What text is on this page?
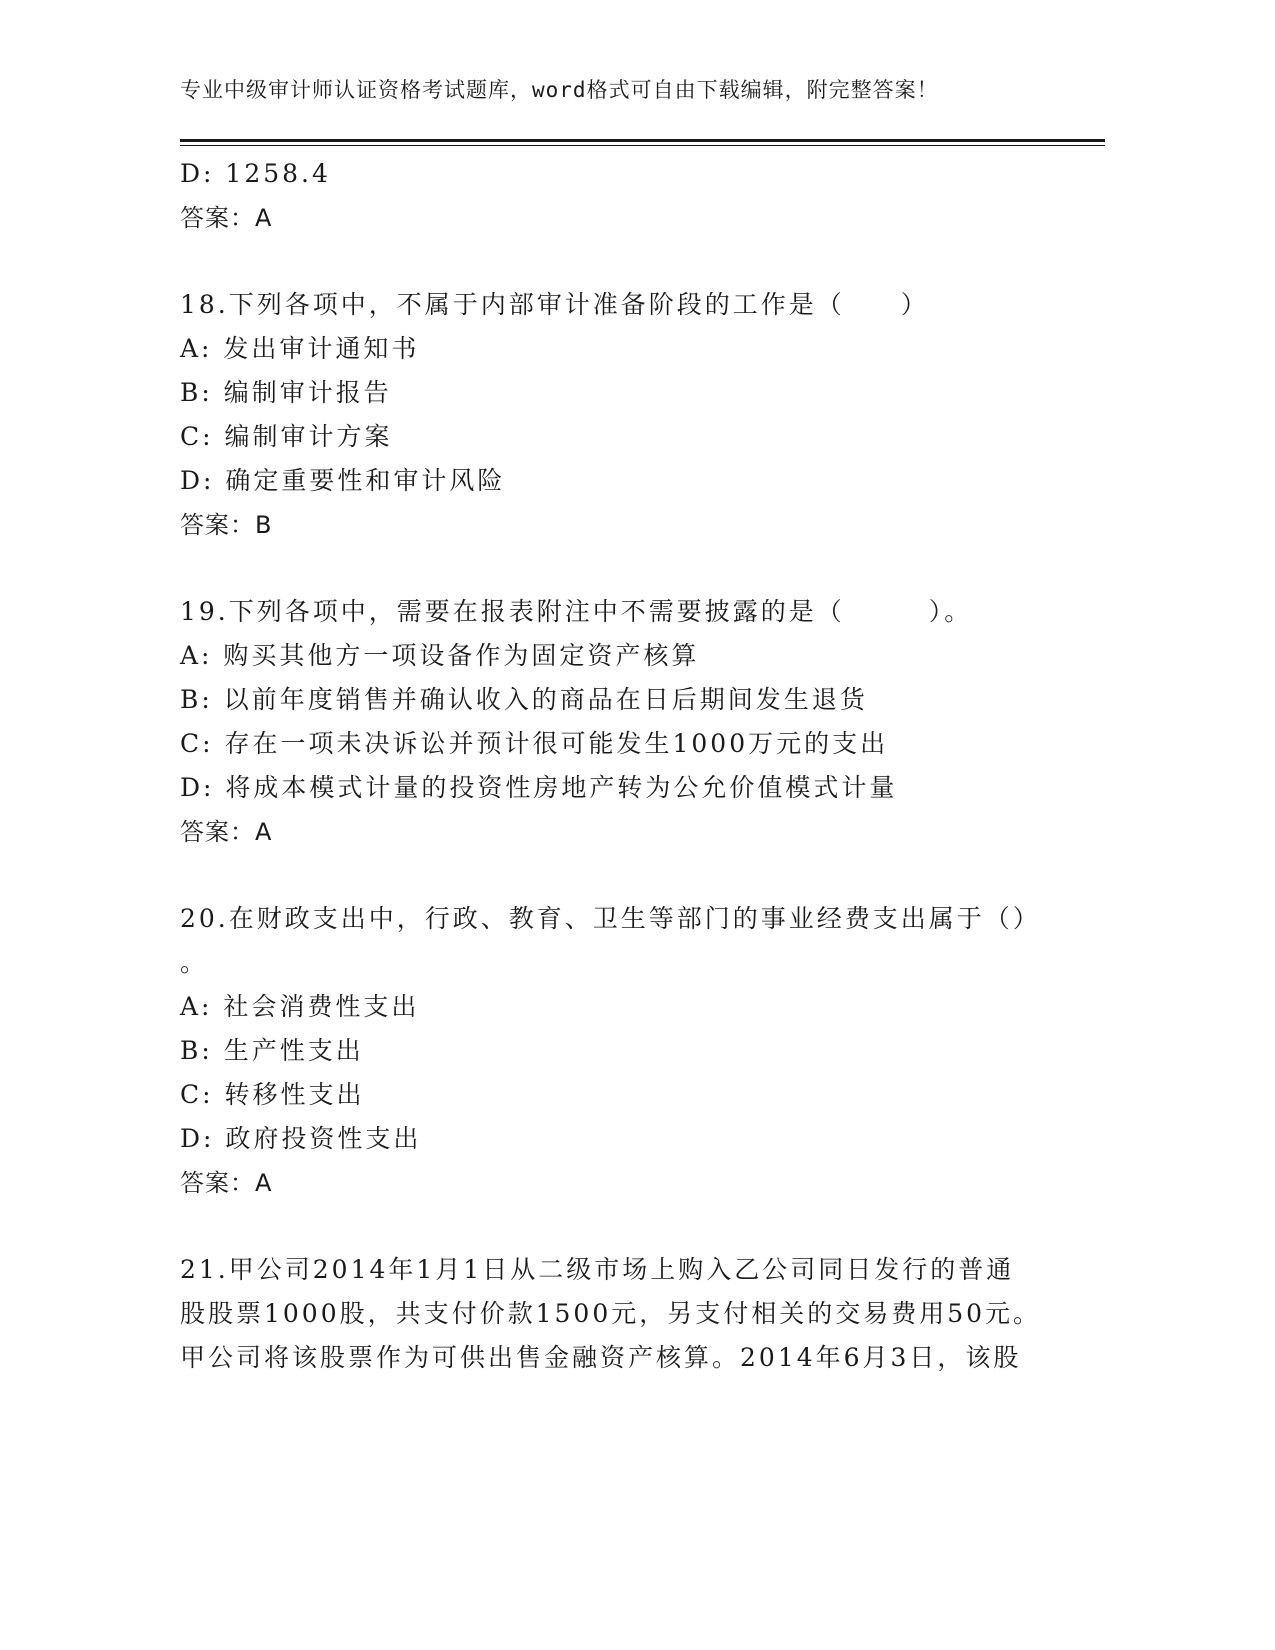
专业中级审计师认证资格考试题库，word格式可自由下载编辑，附完整答案！
D: 1258.4
答案：A
18.下列各项中，不属于内部审计准备阶段的工作是（　　）
A: 发出审计通知书
B: 编制审计报告
C: 编制审计方案
D: 确定重要性和审计风险
答案：B
19.下列各项中，需要在报表附注中不需要披露的是（　　　）。
A: 购买其他方一项设备作为固定资产核算
B: 以前年度销售并确认收入的商品在日后期间发生退货
C: 存在一项未决诉讼并预计很可能发生1000万元的支出
D: 将成本模式计量的投资性房地产转为公允价值模式计量
答案：A
20.在财政支出中，行政、教育、卫生等部门的事业经费支出属于（）
。
A: 社会消费性支出
B: 生产性支出
C: 转移性支出
D: 政府投资性支出
答案：A
21.甲公司2014年1月1日从二级市场上购入乙公司同日发行的普通
股股票1000股，共支付价款1500元，另支付相关的交易费用50元。
甲公司将该股票作为可供出售金融资产核算。2014年6月3日，该股
